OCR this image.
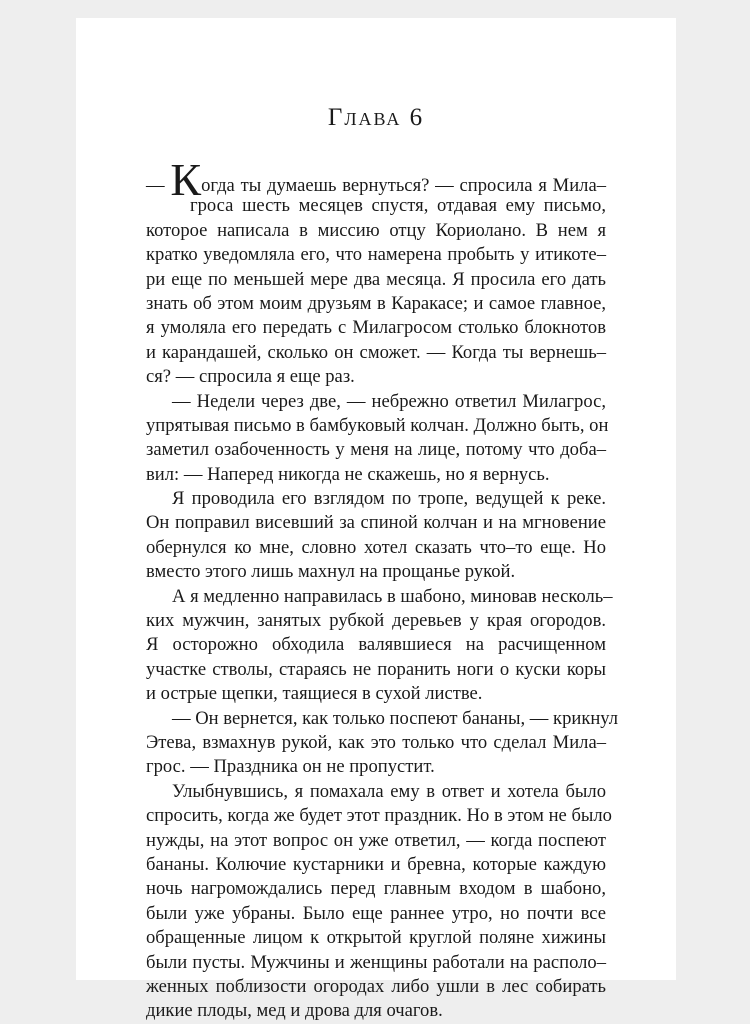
Глава 6
— Когда ты думаешь вернуться? — спросила я Мила–
гроса шесть месяцев спустя, отдавая ему письмо,
которое написала в миссию отцу Кориолано. В нем я
кратко уведомляла его, что намерена пробыть у итикоте–
ри еще по меньшей мере два месяца. Я просила его дать
знать об этом моим друзьям в Каракасе; и самое главное,
я умоляла его передать с Милагросом столько блокнотов
и карандашей, сколько он сможет. — Когда ты вернешь–
ся? — спросила я еще раз.
— Недели через две, — небрежно ответил Милагрос,
упрятывая письмо в бамбуковый колчан. Должно быть, он
заметил озабоченность у меня на лице, потому что доба–
вил: — Наперед никогда не скажешь, но я вернусь.
Я проводила его взглядом по тропе, ведущей к реке.
Он поправил висевший за спиной колчан и на мгновение
обернулся ко мне, словно хотел сказать что–то еще. Но
вместо этого лишь махнул на прощанье рукой.
А я медленно направилась в шабоно, миновав несколь–
ких мужчин, занятых рубкой деревьев у края огородов.
Я осторожно обходила валявшиеся на расчищенном
участке стволы, стараясь не поранить ноги о куски коры
и острые щепки, таящиеся в сухой листве.
— Он вернется, как только поспеют бананы, — крикнул
Этева, взмахнув рукой, как это только что сделал Мила–
грос. — Праздника он не пропустит.
Улыбнувшись, я помахала ему в ответ и хотела было
спросить, когда же будет этот праздник. Но в этом не было
нужды, на этот вопрос он уже ответил, — когда поспеют
бананы. Колючие кустарники и бревна, которые каждую
ночь нагромождались перед главным входом в шабоно,
были уже убраны. Было еще раннее утро, но почти все
обращенные лицом к открытой круглой поляне хижины
были пусты. Мужчины и женщины работали на располо–
женных поблизости огородах либо ушли в лес собирать
дикие плоды, мед и дрова для очагов.
